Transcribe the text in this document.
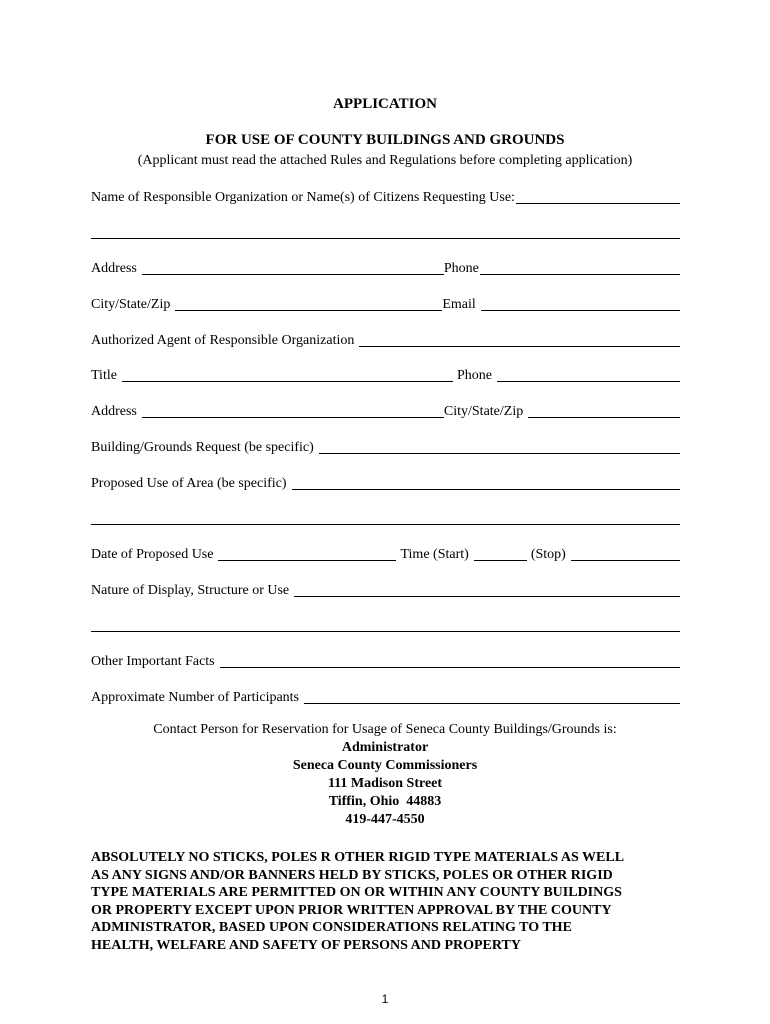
APPLICATION
FOR USE OF COUNTY BUILDINGS AND GROUNDS
(Applicant must read the attached Rules and Regulations before completing application)
Name of Responsible Organization or Name(s) of Citizens Requesting Use:
Address	Phone
City/State/Zip	Email
Authorized Agent of Responsible Organization
Title	Phone
Address	City/State/Zip
Building/Grounds Request (be specific)
Proposed Use of Area (be specific)
Date of Proposed Use	Time (Start)	(Stop)
Nature of Display, Structure or Use
Other Important Facts
Approximate Number of Participants
Contact Person for Reservation for Usage of Seneca County Buildings/Grounds is:
Administrator
Seneca County Commissioners
111 Madison Street
Tiffin, Ohio  44883
419-447-4550
ABSOLUTELY NO STICKS, POLES R OTHER RIGID TYPE MATERIALS AS WELL
AS ANY SIGNS AND/OR BANNERS HELD BY STICKS, POLES OR OTHER RIGID
TYPE MATERIALS ARE PERMITTED ON OR WITHIN ANY COUNTY BUILDINGS
OR PROPERTY EXCEPT UPON PRIOR WRITTEN APPROVAL BY THE COUNTY
ADMINISTRATOR, BASED UPON CONSIDERATIONS RELATING TO THE
HEALTH, WELFARE AND SAFETY OF PERSONS AND PROPERTY
1
